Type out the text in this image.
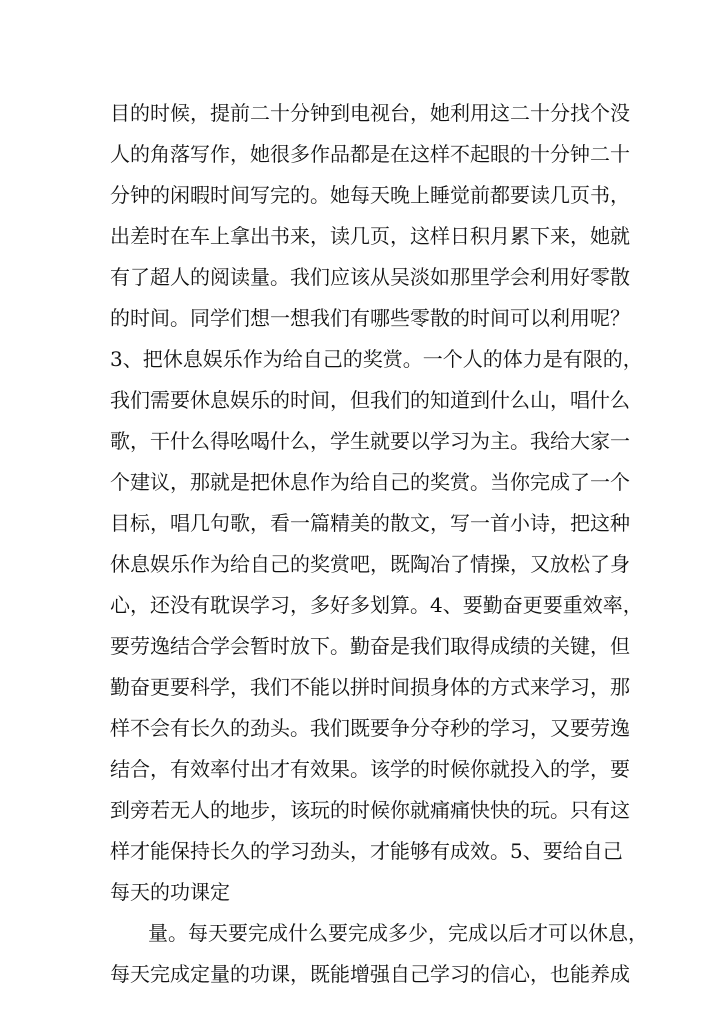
目的时候，提前二十分钟到电视台，她利用这二十分找个没
人的角落写作，她很多作品都是在这样不起眼的十分钟二十
分钟的闲暇时间写完的。她每天晚上睡觉前都要读几页书，
出差时在车上拿出书来，读几页，这样日积月累下来，她就
有了超人的阅读量。我们应该从吴淡如那里学会利用好零散
的时间。同学们想一想我们有哪些零散的时间可以利用呢？
3、把休息娱乐作为给自己的奖赏。一个人的体力是有限的，
我们需要休息娱乐的时间，但我们的知道到什么山，唱什么
歌，干什么得吆喝什么，学生就要以学习为主。我给大家一
个建议，那就是把休息作为给自己的奖赏。当你完成了一个
目标，唱几句歌，看一篇精美的散文，写一首小诗，把这种
休息娱乐作为给自己的奖赏吧，既陶冶了情操，又放松了身
心，还没有耽误学习，多好多划算。4、要勤奋更要重效率，
要劳逸结合学会暂时放下。勤奋是我们取得成绩的关键，但
勤奋更要科学，我们不能以拼时间损身体的方式来学习，那
样不会有长久的劲头。我们既要争分夺秒的学习，又要劳逸
结合，有效率付出才有效果。该学的时候你就投入的学，要
到旁若无人的地步，该玩的时候你就痛痛快快的玩。只有这
样才能保持长久的学习劲头，才能够有成效。5、要给自己
每天的功课定
量。每天要完成什么要完成多少，完成以后才可以休息，
每天完成定量的功课，既能增强自己学习的信心，也能养成
